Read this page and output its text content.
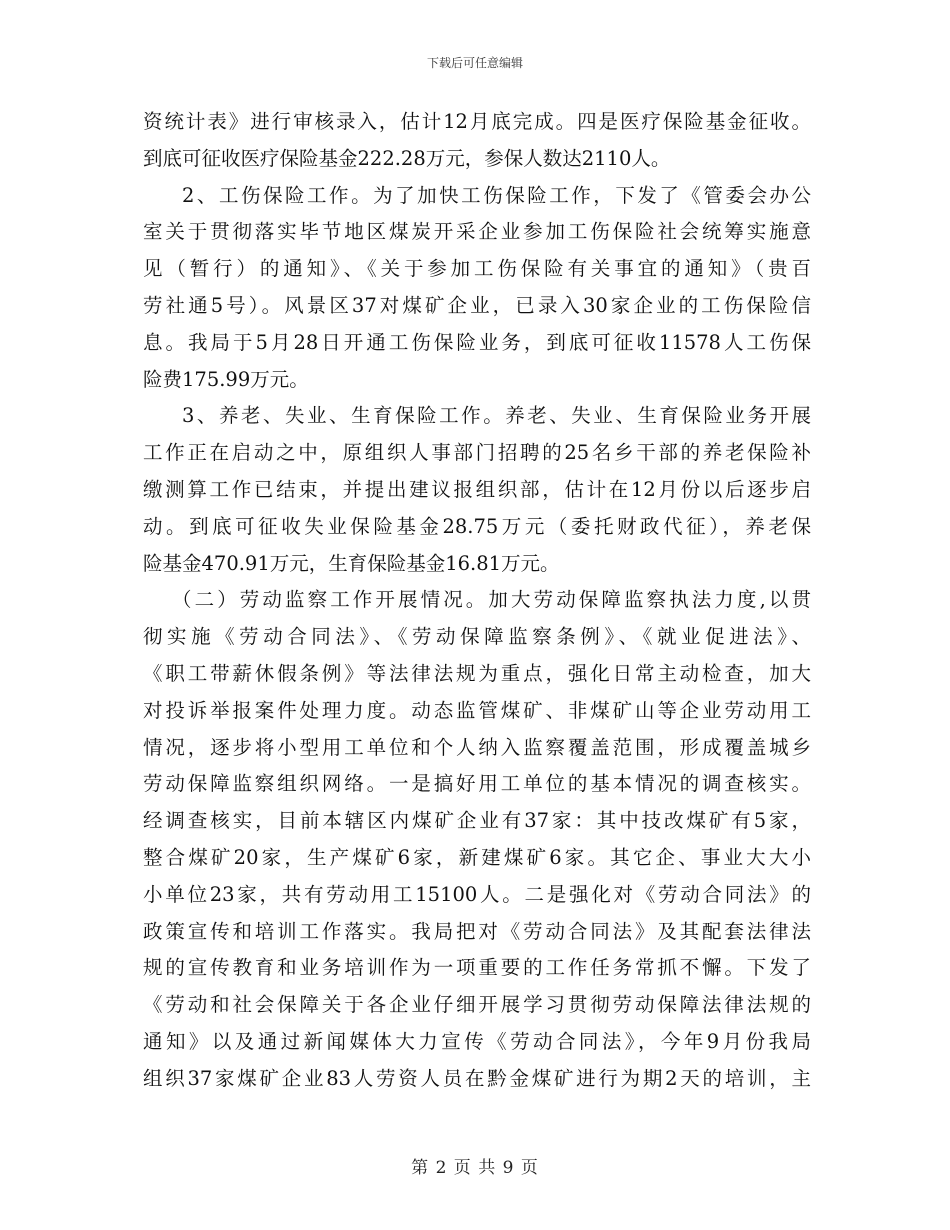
下载后可任意编辑
资统计表》进行审核录入，估计12月底完成。四是医疗保险基金征收。
到底可征收医疗保险基金222.28万元，参保人数达2110人。
2、工伤保险工作。为了加快工伤保险工作，下发了《管委会办公
室关于贯彻落实毕节地区煤炭开采企业参加工伤保险社会统筹实施意
见（暂行）的通知》、《关于参加工伤保险有关事宜的通知》（贵百
劳社通5号）。风景区37对煤矿企业，已录入30家企业的工伤保险信
息。我局于5月28日开通工伤保险业务，到底可征收11578人工伤保
险费175.99万元。
3、养老、失业、生育保险工作。养老、失业、生育保险业务开展
工作正在启动之中，原组织人事部门招聘的25名乡干部的养老保险补
缴测算工作已结束，并提出建议报组织部，估计在12月份以后逐步启
动。到底可征收失业保险基金28.75万元（委托财政代征），养老保
险基金470.91万元，生育保险基金16.81万元。
（二）劳动监察工作开展情况。加大劳动保障监察执法力度,以贯
彻实施《劳动合同法》、《劳动保障监察条例》、《就业促进法》、
《职工带薪休假条例》等法律法规为重点，强化日常主动检查，加大
对投诉举报案件处理力度。动态监管煤矿、非煤矿山等企业劳动用工
情况，逐步将小型用工单位和个人纳入监察覆盖范围，形成覆盖城乡
劳动保障监察组织网络。一是搞好用工单位的基本情况的调查核实。
经调查核实，目前本辖区内煤矿企业有37家：其中技改煤矿有5家，
整合煤矿20家，生产煤矿6家，新建煤矿6家。其它企、事业大大小
小单位23家，共有劳动用工15100人。二是强化对《劳动合同法》的
政策宣传和培训工作落实。我局把对《劳动合同法》及其配套法律法
规的宣传教育和业务培训作为一项重要的工作任务常抓不懈。下发了
《劳动和社会保障关于各企业仔细开展学习贯彻劳动保障法律法规的
通知》以及通过新闻媒体大力宣传《劳动合同法》，今年9月份我局
组织37家煤矿企业83人劳资人员在黔金煤矿进行为期2天的培训，主
第 2 页 共 9 页
